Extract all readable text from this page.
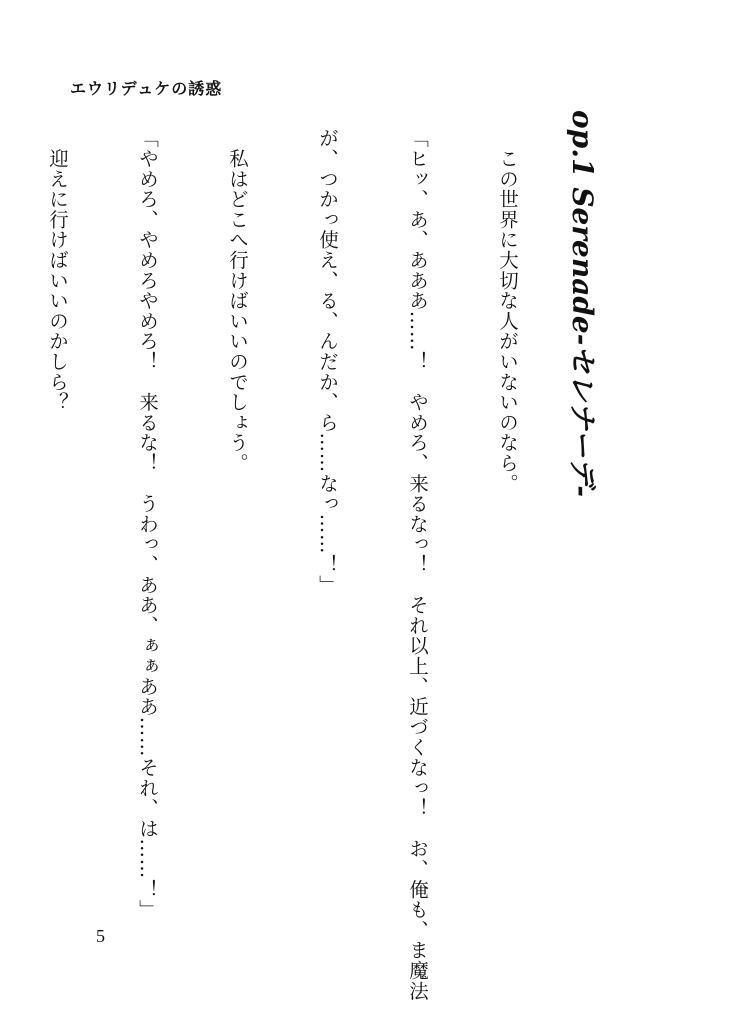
エウリデュケの誘惑
op.1 Serenade-セレナーデ-

　この世界に大切な人がいないのなら。

「ヒッ、あ、あああ……！　やめろ、来るなっ！　それ以上、近づくなっ！　お、俺も、ま魔法

が、つかっ使え、る、んだか、ら……なっ……！」

　私はどこへ行けばいいのでしょう。

「やめろ、やめろやめろ！　来るな！　うわっ、ああ、ぁぁああ……それ、は……！」

　迎えに行けばいいのかしら？

5
